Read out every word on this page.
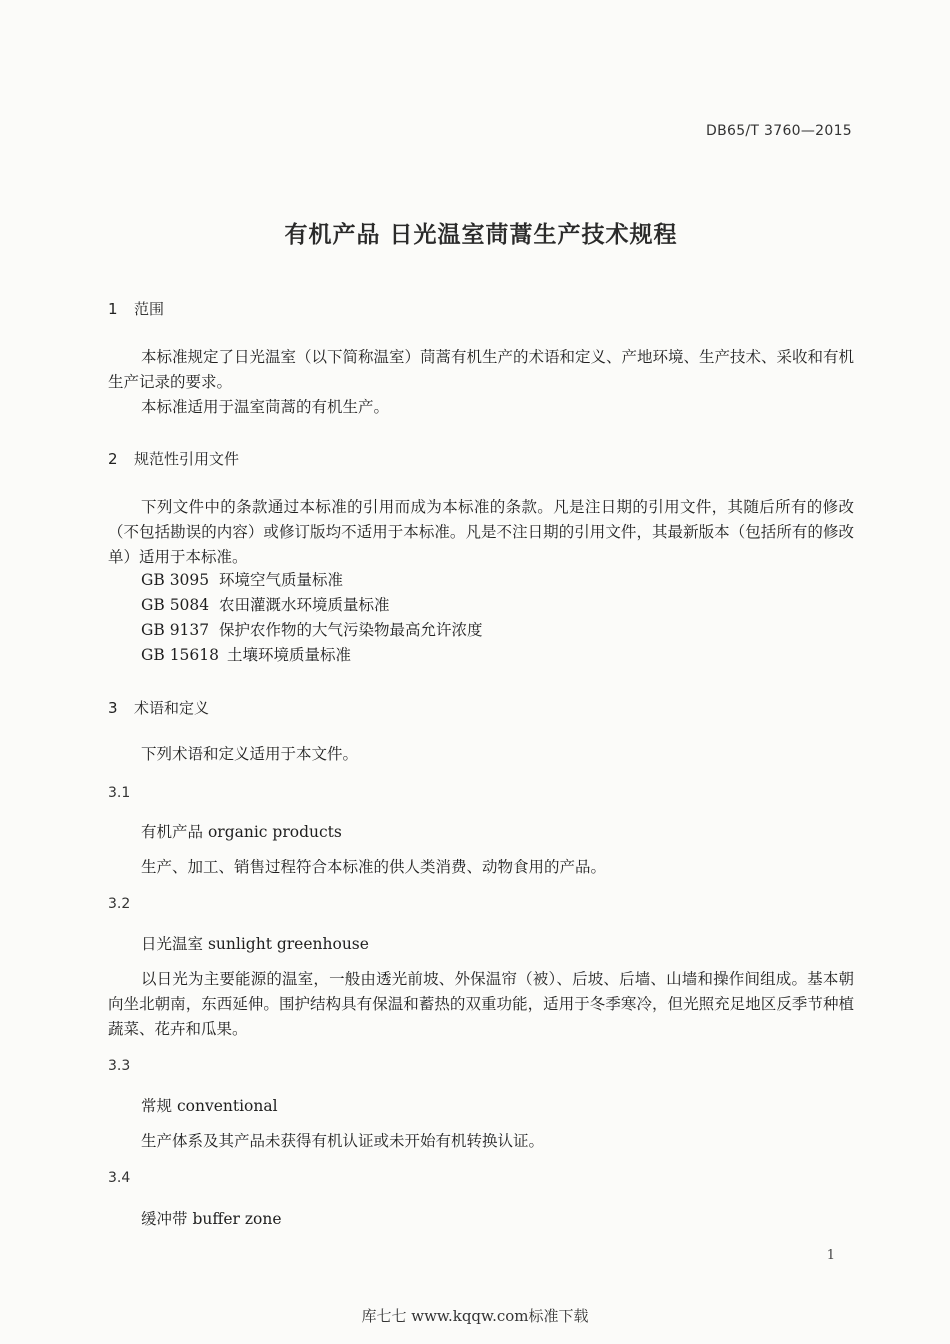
DB65/T 3760—2015
有机产品 日光温室茼蒿生产技术规程
1 范围
本标准规定了日光温室（以下简称温室）茼蒿有机生产的术语和定义、产地环境、生产技术、采收和有机生产记录的要求。
本标准适用于温室茼蒿的有机生产。
2 规范性引用文件
下列文件中的条款通过本标准的引用而成为本标准的条款。凡是注日期的引用文件，其随后所有的修改（不包括勘误的内容）或修订版均不适用于本标准。凡是不注日期的引用文件，其最新版本（包括所有的修改单）适用于本标准。
GB 3095 环境空气质量标准
GB 5084 农田灌溉水环境质量标准
GB 9137 保护农作物的大气污染物最高允许浓度
GB 15618 土壤环境质量标准
3 术语和定义
下列术语和定义适用于本文件。
3.1
有机产品 organic products
生产、加工、销售过程符合本标准的供人类消费、动物食用的产品。
3.2
日光温室 sunlight greenhouse
以日光为主要能源的温室，一般由透光前坡、外保温帘（被）、后坡、后墙、山墙和操作间组成。基本朝向坐北朝南，东西延伸。围护结构具有保温和蓄热的双重功能，适用于冬季寒冷，但光照充足地区反季节种植蔬菜、花卉和瓜果。
3.3
常规 conventional
生产体系及其产品未获得有机认证或未开始有机转换认证。
3.4
缓冲带 buffer zone
1
库七七 www.kqqw.com标准下载
